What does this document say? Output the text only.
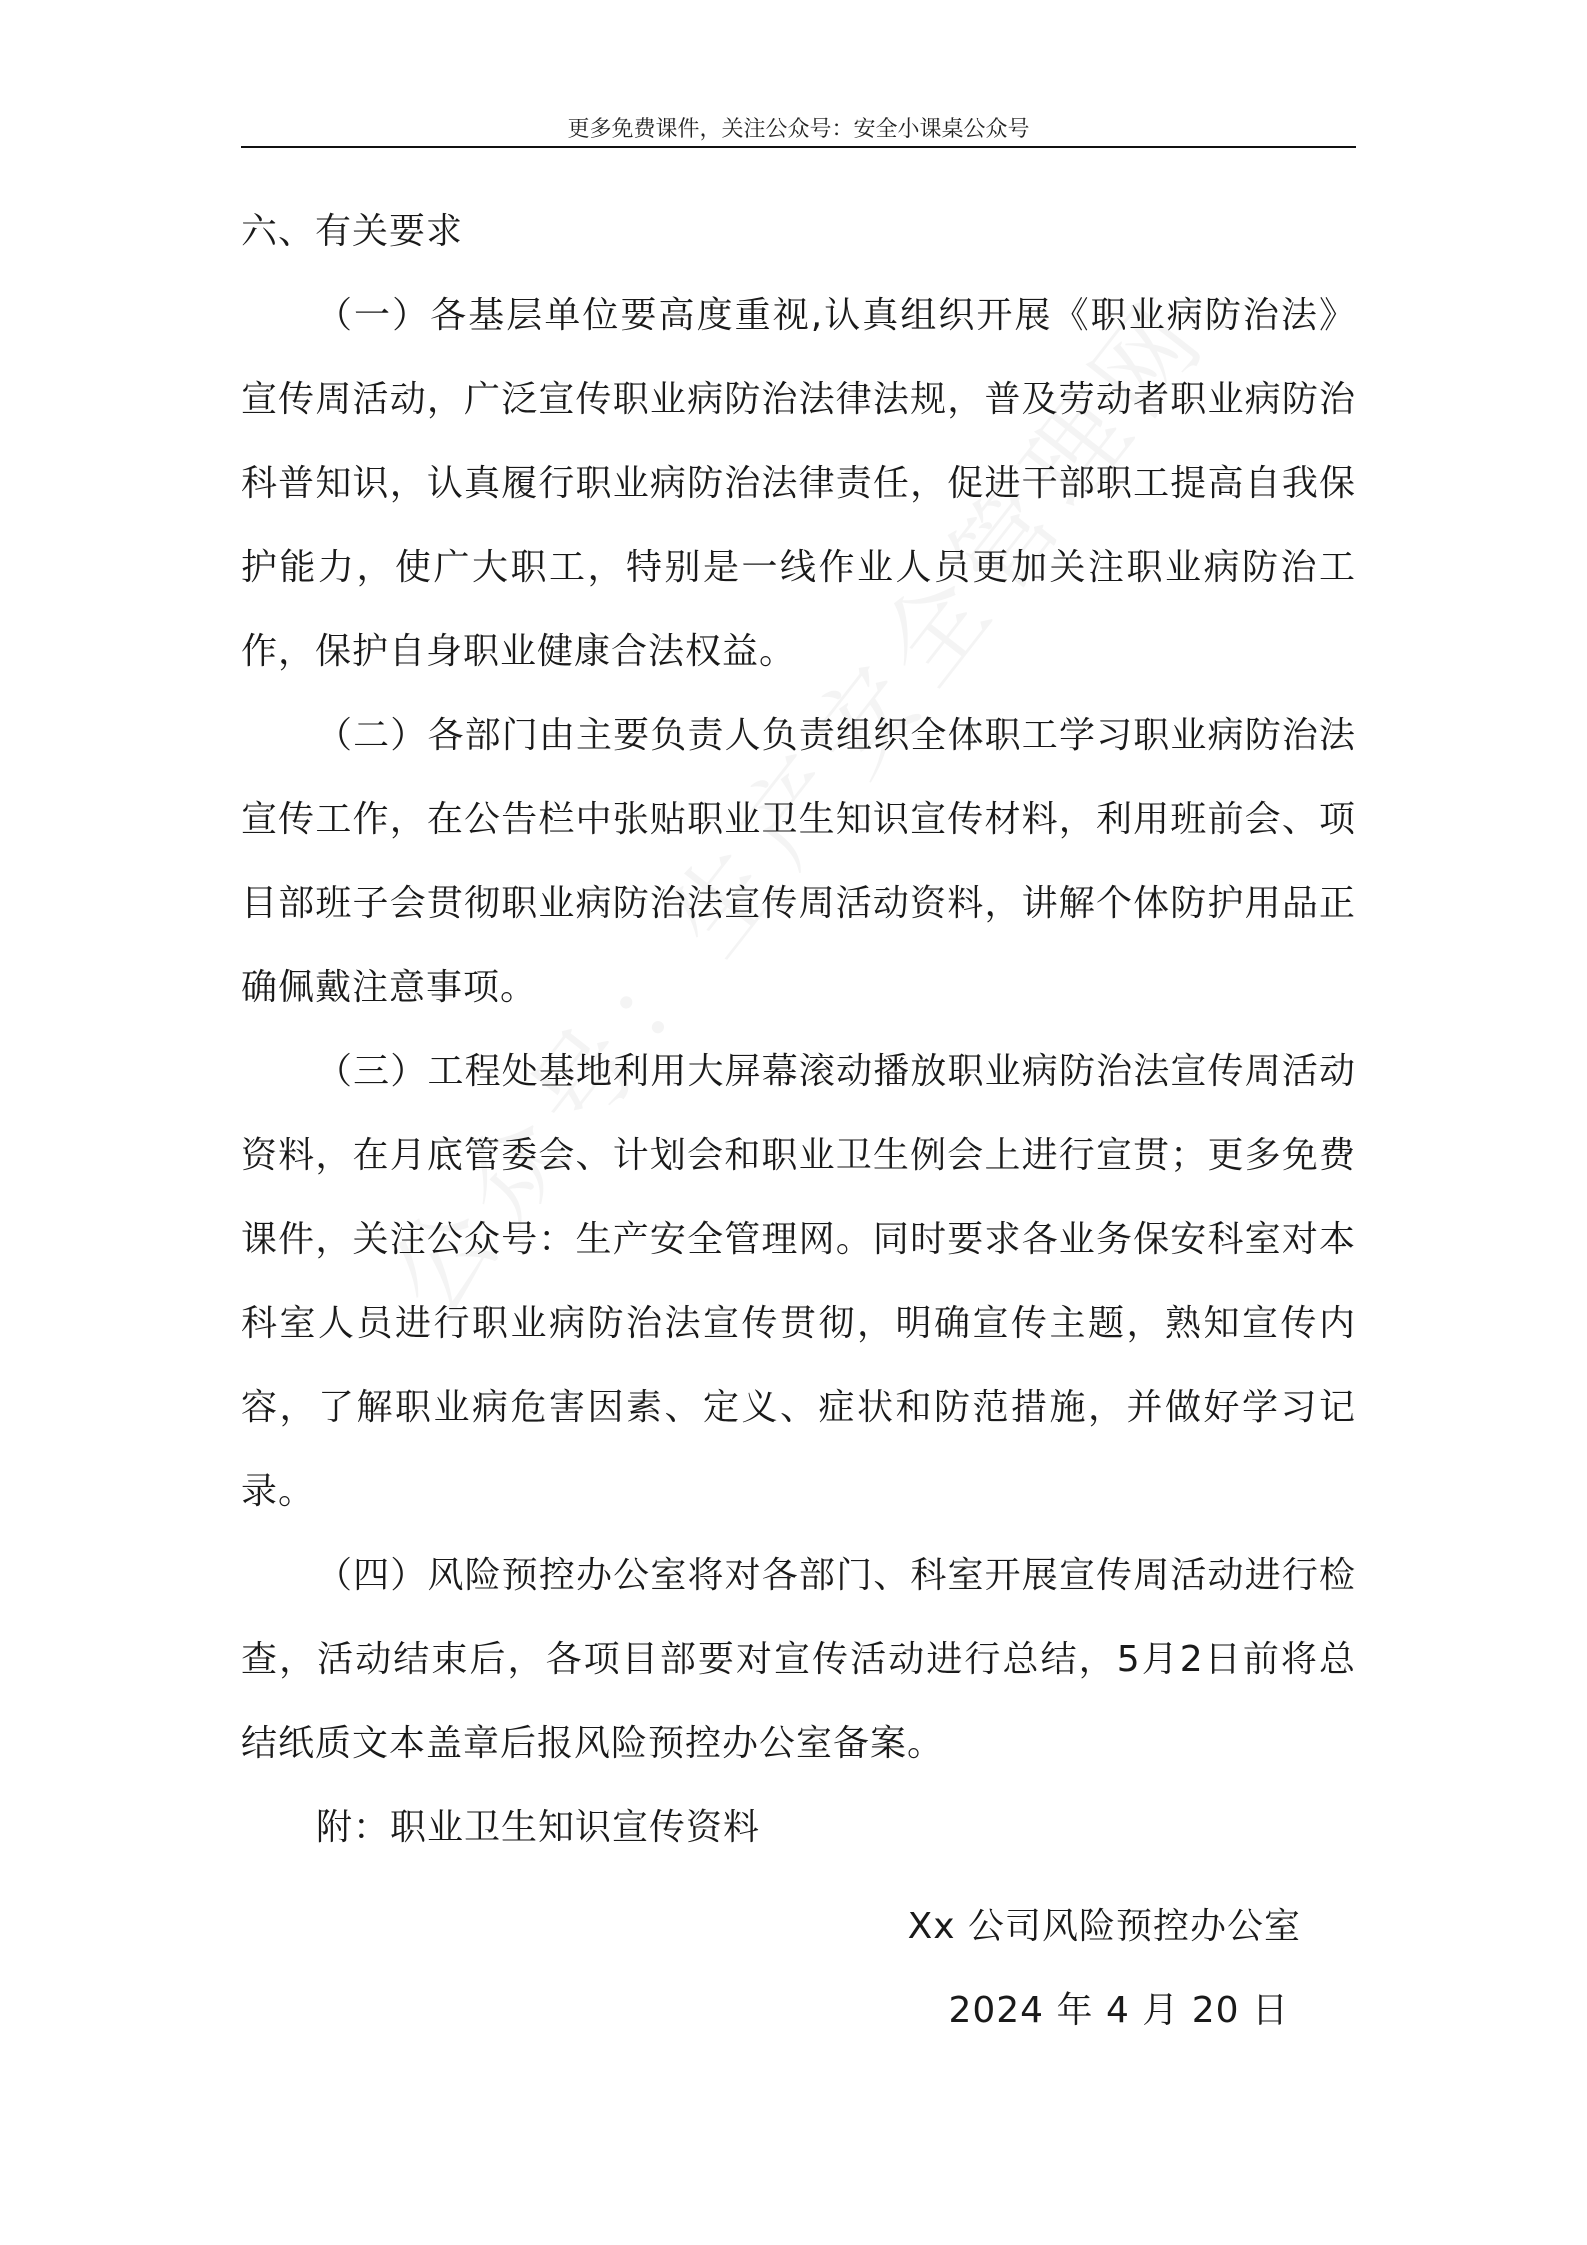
更多免费课件，关注公众号：安全小课桌公众号

六、有关要求

（一）各基层单位要高度重视,认真组织开展《职业病防治法》宣传周活动，广泛宣传职业病防治法律法规，普及劳动者职业病防治科普知识，认真履行职业病防治法律责任，促进干部职工提高自我保护能力，使广大职工，特别是一线作业人员更加关注职业病防治工作，保护自身职业健康合法权益。

（二）各部门由主要负责人负责组织全体职工学习职业病防治法宣传工作，在公告栏中张贴职业卫生知识宣传材料，利用班前会、项目部班子会贯彻职业病防治法宣传周活动资料，讲解个体防护用品正确佩戴注意事项。

（三）工程处基地利用大屏幕滚动播放职业病防治法宣传周活动资料，在月底管委会、计划会和职业卫生例会上进行宣贯；更多免费课件，关注公众号：生产安全管理网。同时要求各业务保安科室对本科室人员进行职业病防治法宣传贯彻，明确宣传主题，熟知宣传内容，了解职业病危害因素、定义、症状和防范措施，并做好学习记录。

（四）风险预控办公室将对各部门、科室开展宣传周活动进行检查，活动结束后，各项目部要对宣传活动进行总结，5月2日前将总结纸质文本盖章后报风险预控办公室备案。

附：职业卫生知识宣传资料

Xx 公司风险预控办公室

2024 年 4 月 20 日
